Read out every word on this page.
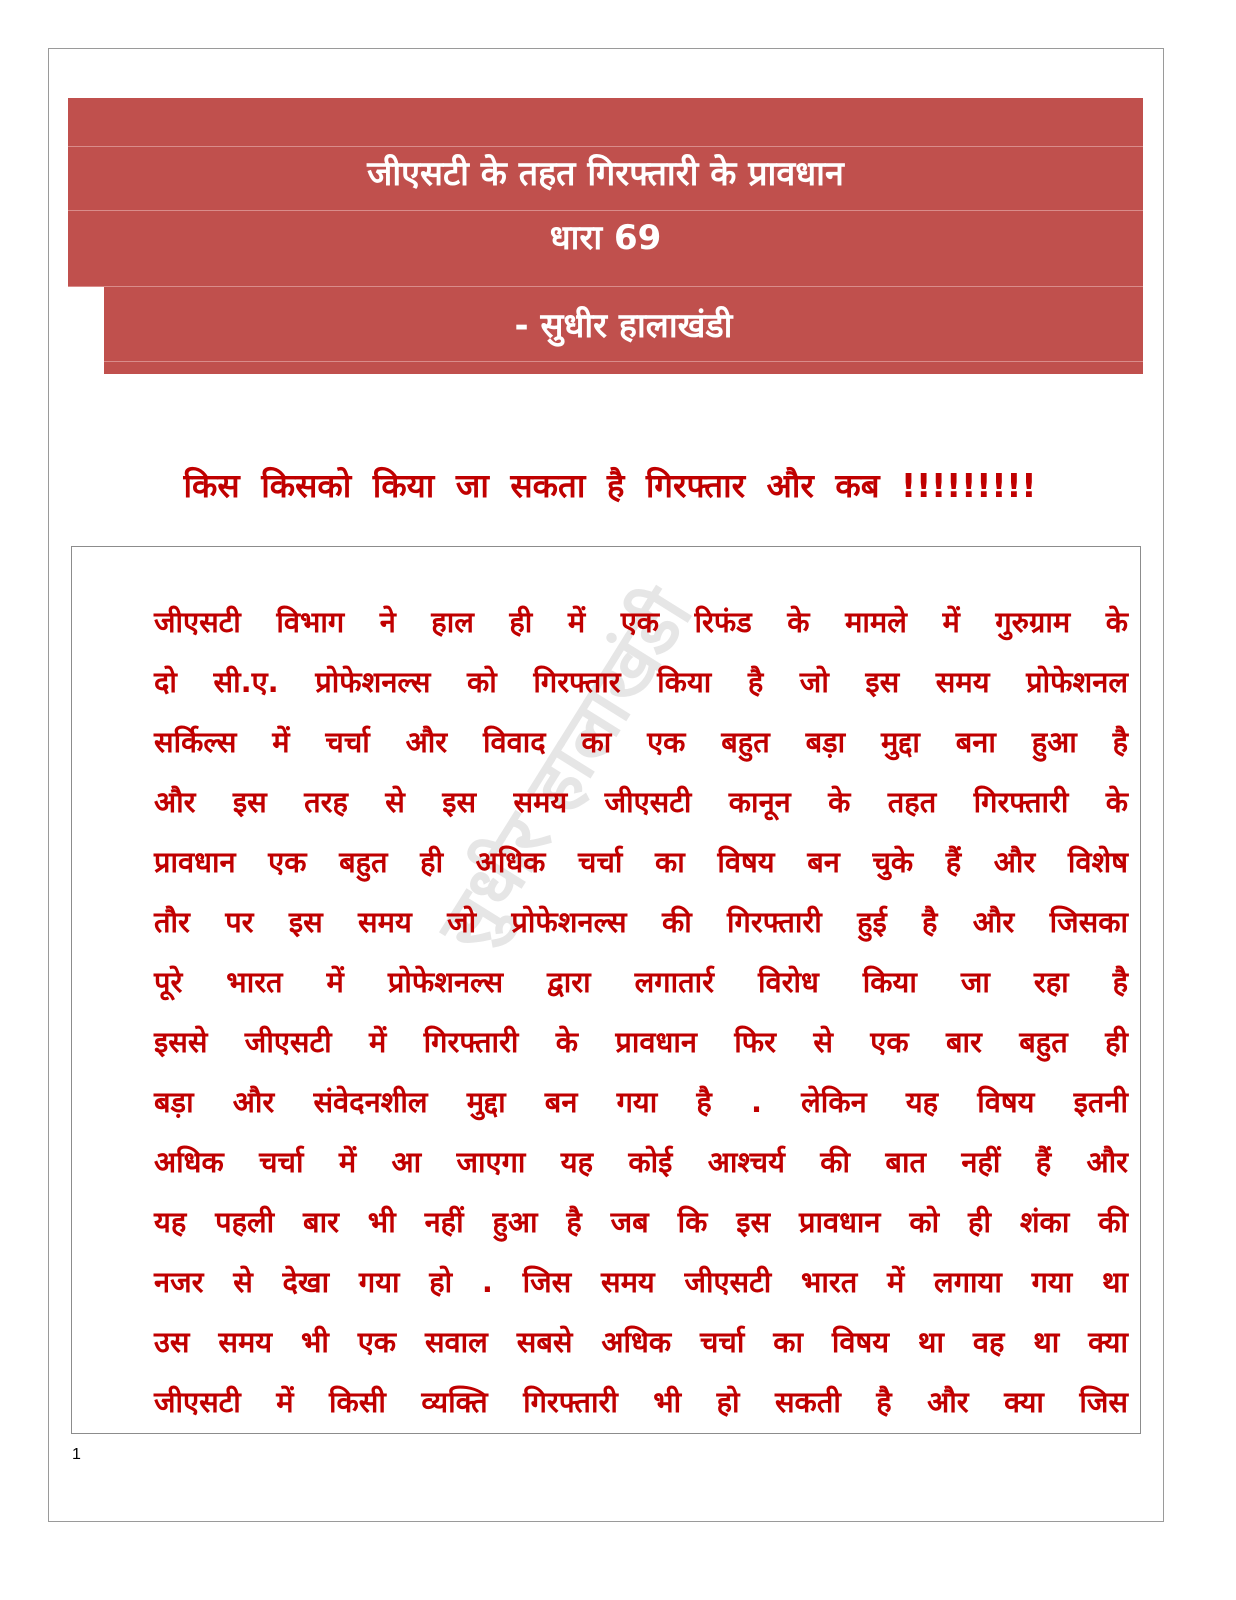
जीएसटी के तहत गिरफ्तारी के प्रावधान
धारा 69
- सुधीर हालाखंडी
किस किसको किया जा सकता है गिरफ्तार और कब !!!!!!!!!
सुधीर हालाखंडी

जीएसटी विभाग ने हाल ही में एक रिफंड के मामले में गुरुग्राम के

दो सी.ए. प्रोफेशनल्स को गिरफ्तार किया है जो इस समय प्रोफेशनल

सर्किल्स में चर्चा और विवाद का एक बहुत बड़ा मुद्दा बना हुआ है

और इस तरह से इस समय जीएसटी कानून के तहत गिरफ्तारी के

प्रावधान एक बहुत ही अधिक चर्चा का विषय बन चुके हैं और विशेष

तौर पर इस समय जो प्रोफेशनल्स की गिरफ्तारी हुई है और जिसका

पूरे भारत में प्रोफेशनल्स द्वारा लगातार्र विरोध किया जा रहा है

इससे जीएसटी में गिरफ्तारी के प्रावधान फिर से एक बार बहुत ही

बड़ा और संवेदनशील मुद्दा बन गया है . लेकिन यह विषय इतनी

अधिक चर्चा में आ जाएगा यह कोई आश्चर्य की बात नहीं हैं और

यह पहली बार भी नहीं हुआ है जब कि इस प्रावधान को ही शंका की

नजर से देखा गया हो . जिस समय जीएसटी भारत में लगाया गया था

उस समय भी एक सवाल सबसे अधिक चर्चा का विषय था वह था क्या

जीएसटी में किसी व्यक्ति गिरफ्तारी भी हो सकती है और क्या जिस

1
